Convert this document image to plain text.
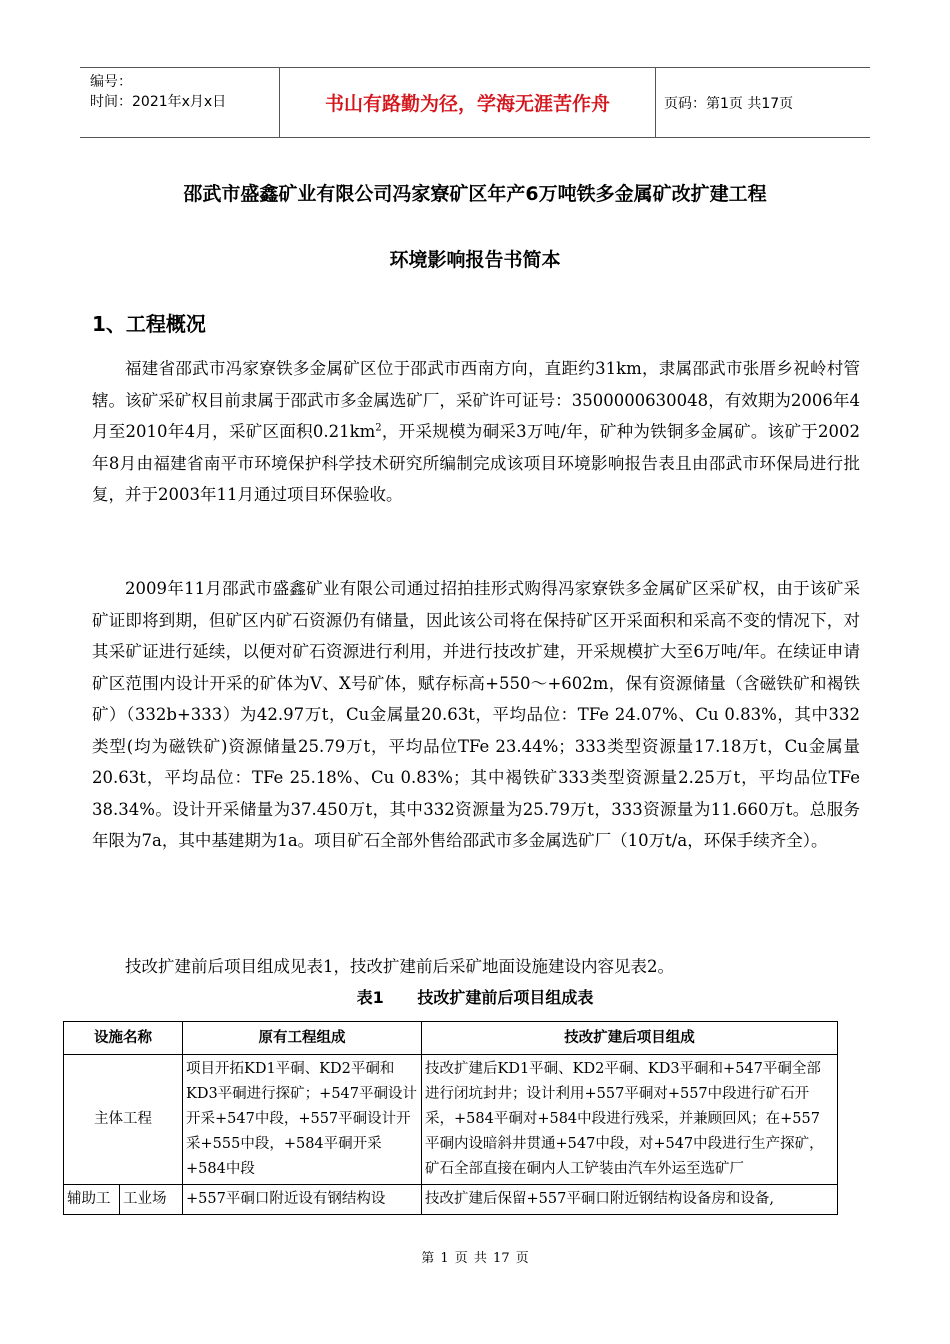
编号：
时间：2021年x月x日	书山有路勤为径，学海无涯苦作舟	页码：第1页 共17页
邵武市盛鑫矿业有限公司冯家寮矿区年产6万吨铁多金属矿改扩建工程
环境影响报告书简本
1、工程概况

福建省邵武市冯家寮铁多金属矿区位于邵武市西南方向，直距约31km，隶属邵武市张厝乡祝岭村管辖。该矿采矿权目前隶属于邵武市多金属选矿厂，采矿许可证号：3500000630048，有效期为2006年4月至2010年4月，采矿区面积$0.21km^2$，开采规模为硐采3万吨/年，矿种为铁铜多金属矿。该矿于2002年8月由福建省南平市环境保护科学技术研究所编制完成该项目环境影响报告表且由邵武市环保局进行批复，并于2003年11月通过项目环保验收。

2009年11月邵武市盛鑫矿业有限公司通过招拍挂形式购得冯家寮铁多金属矿区采矿权，由于该矿采矿证即将到期，但矿区内矿石资源仍有储量，因此该公司将在保持矿区开采面积和采高不变的情况下，对其采矿证进行延续，以便对矿石资源进行利用，并进行技改扩建，开采规模扩大至6万吨/年。在续证申请矿区范围内设计开采的矿体为Ⅴ、Ⅹ号矿体，赋存标高+550～+602m，保有资源储量（含磁铁矿和褐铁矿）（332b+333）为42.97万t，Cu金属量20.63t，平均品位：TFe 24.07%、Cu 0.83%，其中332类型(均为磁铁矿)资源储量25.79万t，平均品位TFe 23.44%；333类型资源量17.18万t，Cu金属量20.63t，平均品位：TFe 25.18%、Cu 0.83%；其中褐铁矿333类型资源量2.25万t，平均品位TFe 38.34%。设计开采储量为37.450万t，其中332资源量为25.79万t，333资源量为11.660万t。总服务年限为7a，其中基建期为1a。项目矿石全部外售给邵武市多金属选矿厂（10万t/a，环保手续齐全）。

技改扩建前后项目组成见表1，技改扩建前后采矿地面设施建设内容见表2。

表1 技改扩建前后项目组成表
设施名称		原有工程组成	技改扩建后项目组成
主体工程		项目开拓KD1平硐、KD2平硐和KD3平硐进行探矿；+547平硐设计开采+547中段，+557平硐设计开采+555中段，+584平硐开采+584中段	技改扩建后KD1平硐、KD2平硐、KD3平硐和+547平硐全部进行闭坑封井；设计利用+557平硐对+557中段进行矿石开采，+584平硐对+584中段进行残采，并兼顾回风；在+557平硐内设暗斜井贯通+547中段，对+547中段进行生产探矿，矿石全部直接在硐内人工铲装由汽车外运至选矿厂
辅助工	工业场	+557平硐口附近设有钢结构设	技改扩建后保留+557平硐口附近钢结构设备房和设备,
第 1 页 共 17 页
